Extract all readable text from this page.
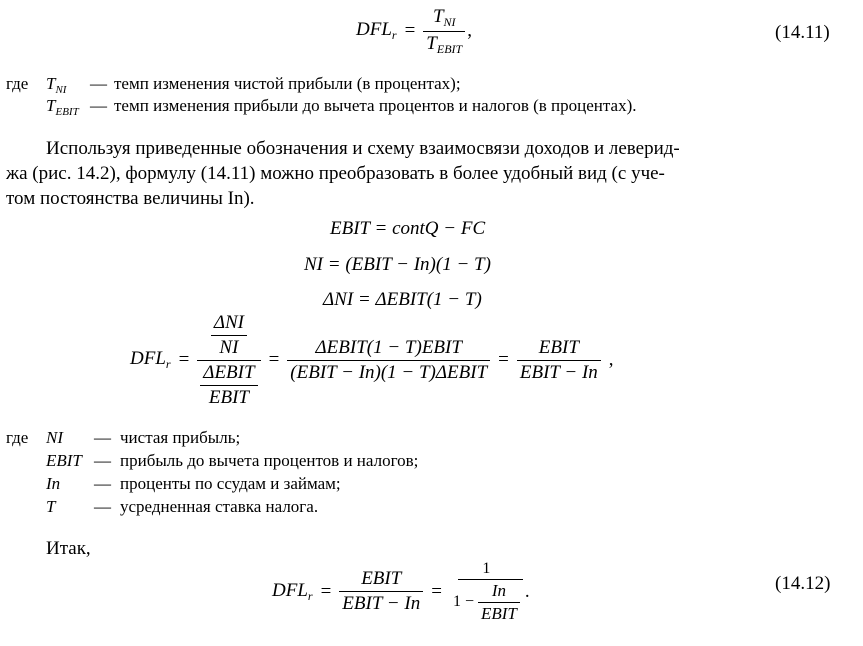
$DFL_r = \frac{T_{NI}}{T_{EBIT}}$ ,	(14.11)
где $T_{NI}$ — темп изменения чистой прибыли (в процентах);
$T_{EBIT}$ — темп изменения прибыли до вычета процентов и налогов (в процентах).
Используя приведенные обозначения и схему взаимосвязи доходов и леверид-
жа (рис. 14.2), формулу (14.11) можно преобразовать в более удобный вид (с уче-
том постоянства величины In).
EBIT = contQ − FC
NI = (EBIT − In)(1 − T)
ΔNI = ΔEBIT(1 − T)
$DFL_r = \frac{\frac{\text{ΔNI}}{NI}}{\frac{\text{ΔEBIT}}{\text{EBIT}}} = \frac{\text{ΔEBIT(1 − T)EBIT}}{\text{(EBIT − In)(1 − T)ΔEBIT}} = \frac{\text{EBIT}}{\text{EBIT − In}}$ ,
где NI — чистая прибыль;
EBIT — прибыль до вычета процентов и налогов;
In — проценты по ссудам и займам;
T — усредненная ставка налога.
Итак,
$DFL_r = \frac{\text{EBIT}}{\text{EBIT − In}} = \frac{1}{1 - \frac{In}{\text{EBIT}}}$ .	(14.12)
